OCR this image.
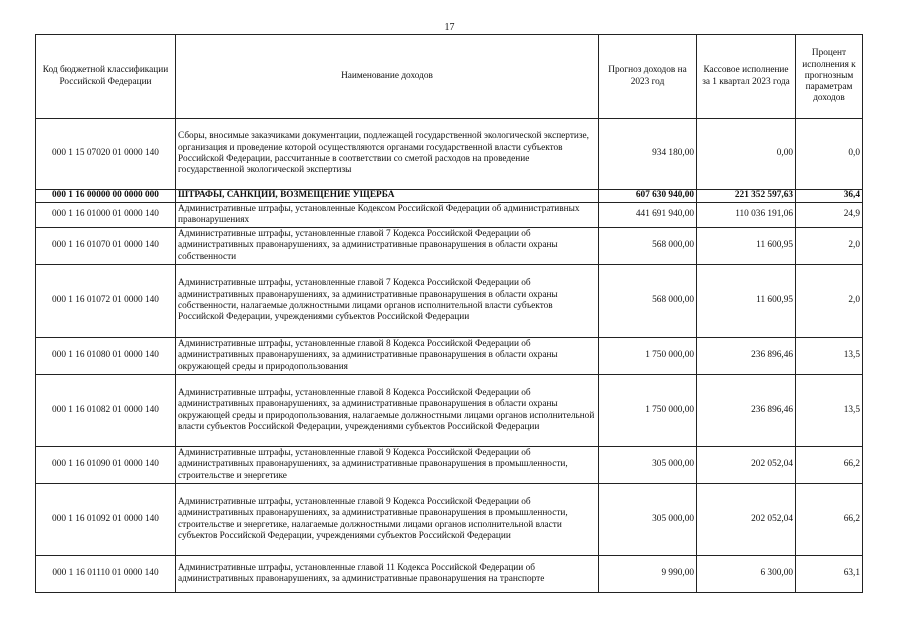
17
Код бюджетной классификации Российской Федерации	Наименование доходов	Прогноз доходов на 2023 год	Кассовое исполнение за 1 квартал 2023 года	Процент исполнения к прогнозным параметрам доходов
000 1 15 07020 01 0000 140	Сборы, вносимые заказчиками документации, подлежащей государственной экологической экспертизе, организация и проведение которой осуществляются органами государственной власти субъектов Российской Федерации, рассчитанные в соответствии со сметой расходов на проведение государственной экологической экспертизы	934 180,00	0,00	0,0
000 1 16 00000 00 0000 000	ШТРАФЫ, САНКЦИИ, ВОЗМЕЩЕНИЕ УЩЕРБА	607 630 940,00	221 352 597,63	36,4
000 1 16 01000 01 0000 140	Административные штрафы, установленные Кодексом Российской Федерации об административных правонарушениях	441 691 940,00	110 036 191,06	24,9
000 1 16 01070 01 0000 140	Административные штрафы, установленные главой 7 Кодекса Российской Федерации об административных правонарушениях, за административные правонарушения в области охраны собственности	568 000,00	11 600,95	2,0
000 1 16 01072 01 0000 140	Административные штрафы, установленные главой 7 Кодекса Российской Федерации об административных правонарушениях, за административные правонарушения в области охраны собственности, налагаемые должностными лицами органов исполнительной власти субъектов Российской Федерации, учреждениями субъектов Российской Федерации	568 000,00	11 600,95	2,0
000 1 16 01080 01 0000 140	Административные штрафы, установленные главой 8 Кодекса Российской Федерации об административных правонарушениях, за административные правонарушения в области охраны окружающей среды и природопользования	1 750 000,00	236 896,46	13,5
000 1 16 01082 01 0000 140	Административные штрафы, установленные главой 8 Кодекса Российской Федерации об административных правонарушениях, за административные правонарушения в области охраны окружающей среды и природопользования, налагаемые должностными лицами органов исполнительной власти субъектов Российской Федерации, учреждениями субъектов Российской Федерации	1 750 000,00	236 896,46	13,5
000 1 16 01090 01 0000 140	Административные штрафы, установленные главой 9 Кодекса Российской Федерации об административных правонарушениях, за административные правонарушения в промышленности, строительстве и энергетике	305 000,00	202 052,04	66,2
000 1 16 01092 01 0000 140	Административные штрафы, установленные главой 9 Кодекса Российской Федерации об административных правонарушениях, за административные правонарушения в промышленности, строительстве и энергетике, налагаемые должностными лицами органов исполнительной власти субъектов Российской Федерации, учреждениями субъектов Российской Федерации	305 000,00	202 052,04	66,2
000 1 16 01110 01 0000 140	Административные штрафы, установленные главой 11 Кодекса Российской Федерации об административных правонарушениях, за административные правонарушения на транспорте	9 990,00	6 300,00	63,1
